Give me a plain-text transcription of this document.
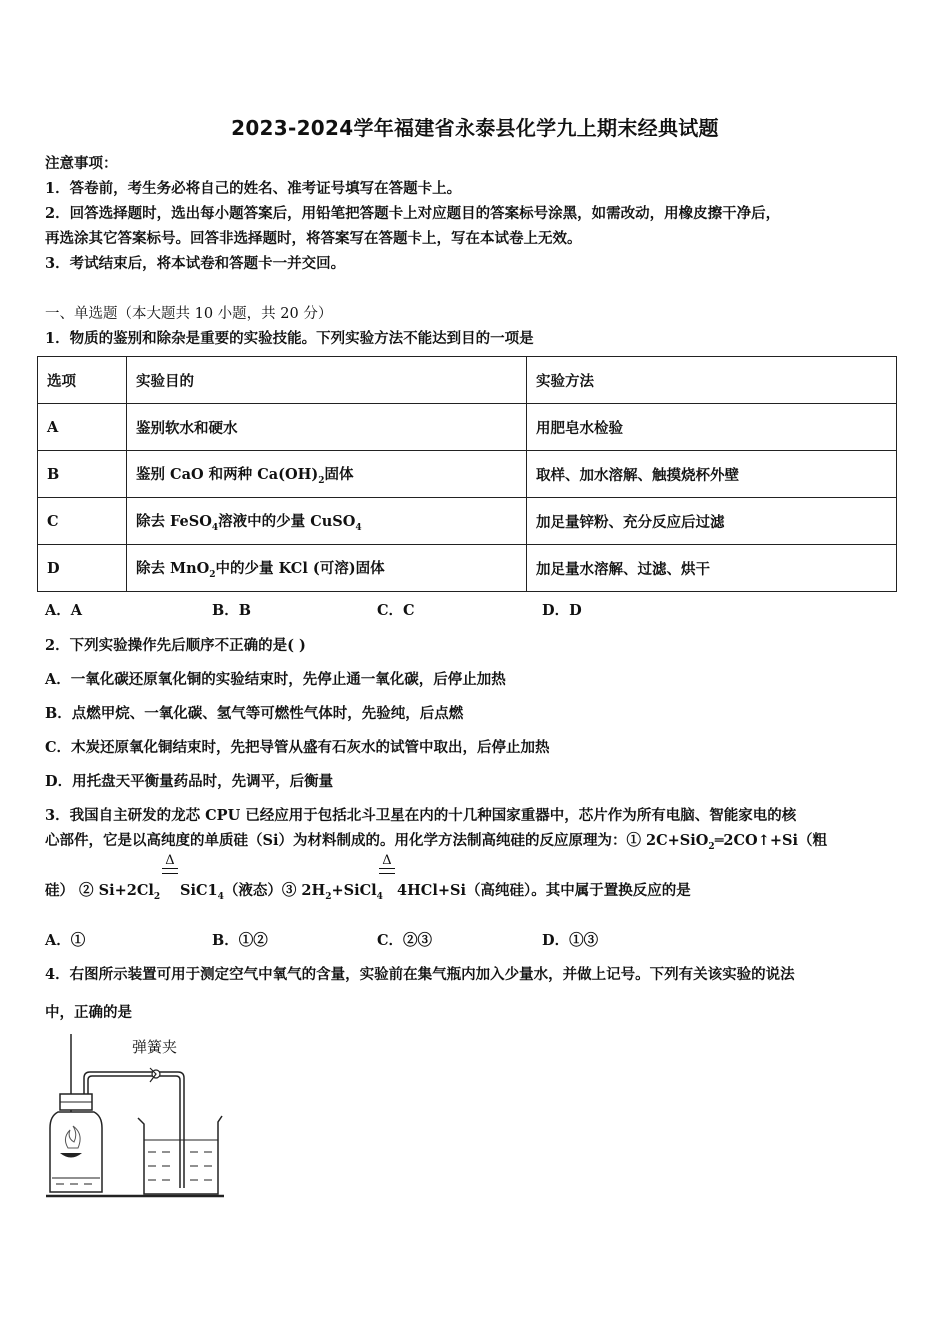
2023-2024学年福建省永泰县化学九上期末经典试题
注意事项：
1．答卷前，考生务必将自己的姓名、准考证号填写在答题卡上。
2．回答选择题时，选出每小题答案后，用铅笔把答题卡上对应题目的答案标号涂黑，如需改动，用橡皮擦干净后，
再选涂其它答案标号。回答非选择题时，将答案写在答题卡上，写在本试卷上无效。
3．考试结束后，将本试卷和答题卡一并交回。
一、单选题（本大题共 10 小题，共 20 分）
1．物质的鉴别和除杂是重要的实验技能。下列实验方法不能达到目的一项是
选项	实验目的	实验方法
A	鉴别软水和硬水	用肥皂水检验
B	鉴别 CaO 和两种 $Ca(OH)_2$固体	取样、加水溶解、触摸烧杯外壁
C	除去 FeSO$_4$溶液中的少量 CuSO$_4$	加足量锌粉、充分反应后过滤
D	除去 MnO$_2$中的少量 KCl (可溶)固体	加足量水溶解、过滤、烘干
A．A	B．B	C．C	D．D
2．下列实验操作先后顺序不正确的是( )
A．一氧化碳还原氧化铜的实验结束时，先停止通一氧化碳，后停止加热
B．点燃甲烷、一氧化碳、氢气等可燃性气体时，先验纯，后点燃
C．木炭还原氧化铜结束时，先把导管从盛有石灰水的试管中取出，后停止加热
D．用托盘天平衡量药品时，先调平，后衡量
3．我国自主研发的龙芯 CPU 已经应用于包括北斗卫星在内的十几种国家重器中，芯片作为所有电脑、智能家电的核
心部件，它是以高纯度的单质硅（Si）为材料制成的。用化学方法制高纯硅的反应原理为：① 2C+SiO$_2$═2CO↑+Si（粗
Δ	Δ
硅） ② $Si+2Cl_2$ $SiC1_4$（液态）③ $2H_2+SiCl_4$ 4HCl+Si（高纯硅）。其中属于置换反应的是
A．①	B．①②	C．②③	D．①③
4．右图所示装置可用于测定空气中氧气的含量，实验前在集气瓶内加入少量水，并做上记号。下列有关该实验的说法
中，正确的是
弹簧夹
